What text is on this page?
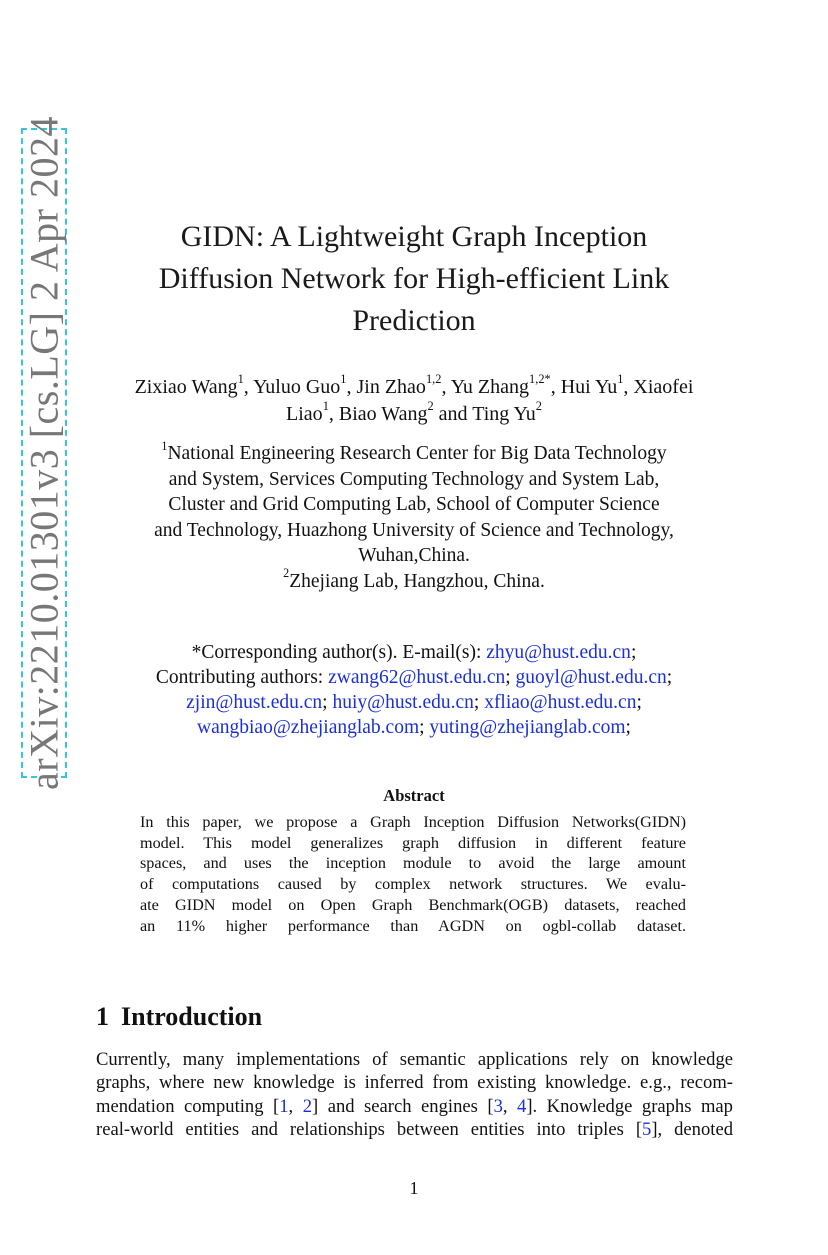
arXiv:2210.01301v3 [cs.LG] 2 Apr 2024	GIDN: A Lightweight Graph Inception
Diffusion Network for High-efficient Link
Prediction
Zixiao Wang$^1$, Yuluo Guo$^1$, Jin Zhao$^{1,2}$, Yu Zhang$^{1,2*}$, Hui Yu$^1$, Xiaofei Liao$^1$, Biao Wang$^2$ and Ting Yu$^2$
$^1$National Engineering Research Center for Big Data Technology
and System, Services Computing Technology and System Lab,
Cluster and Grid Computing Lab, School of Computer Science
and Technology, Huazhong University of Science and Technology,
Wuhan,China.
$^2$Zhejiang Lab, Hangzhou, China.
*Corresponding author(s). E-mail(s): zhyu@hust.edu.cn;
Contributing authors: zwang62@hust.edu.cn; guoyl@hust.edu.cn;
zjin@hust.edu.cn; huiy@hust.edu.cn; xfliao@hust.edu.cn;
wangbiao@zhejianglab.com; yuting@zhejianglab.com;
Abstract
In this paper, we propose a Graph Inception Diffusion Networks(GIDN)
model. This model generalizes graph diffusion in different feature
spaces, and uses the inception module to avoid the large amount
of computations caused by complex network structures. We evalu-
ate GIDN model on Open Graph Benchmark(OGB) datasets, reached
an 11% higher performance than AGDN on ogbl-collab dataset.
1 Introduction
Currently, many implementations of semantic applications rely on knowledge
graphs, where new knowledge is inferred from existing knowledge. e.g., recom-
mendation computing [1, 2] and search engines [3, 4]. Knowledge graphs map
real-world entities and relationships between entities into triples [5], denoted
1
